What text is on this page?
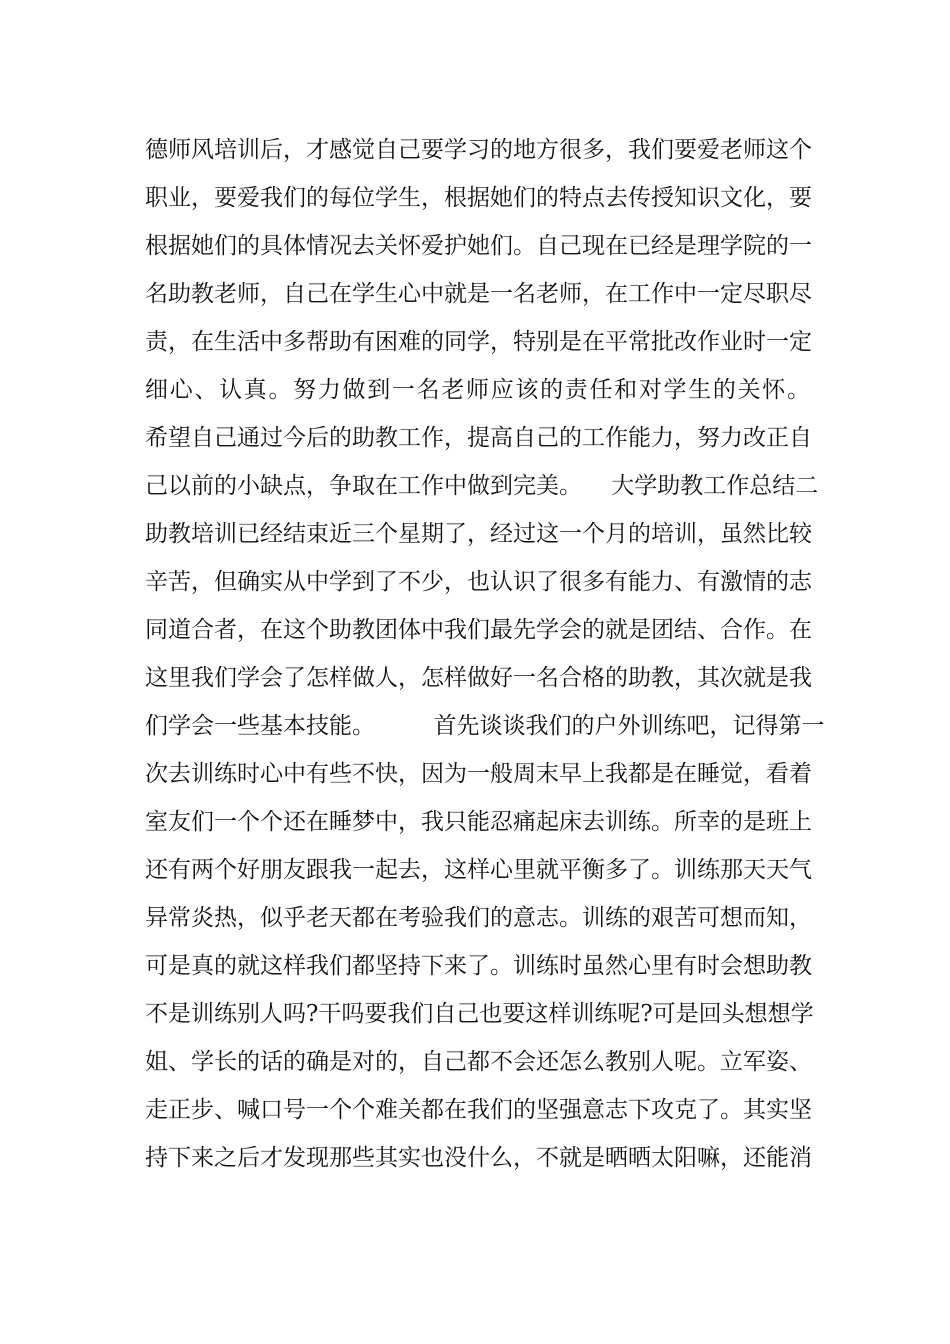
德师风培训后，才感觉自己要学习的地方很多，我们要爱老师这个
职业，要爱我们的每位学生，根据她们的特点去传授知识文化，要
根据她们的具体情况去关怀爱护她们。自己现在已经是理学院的一
名助教老师，自己在学生心中就是一名老师，在工作中一定尽职尽
责，在生活中多帮助有困难的同学，特别是在平常批改作业时一定
细心、认真。努力做到一名老师应该的责任和对学生的关怀。
希望自己通过今后的助教工作，提高自己的工作能力，努力改正自
己以前的小缺点，争取在工作中做到完美。    大学助教工作总结二
助教培训已经结束近三个星期了，经过这一个月的培训，虽然比较
辛苦，但确实从中学到了不少，也认识了很多有能力、有激情的志
同道合者，在这个助教团体中我们最先学会的就是团结、合作。在
这里我们学会了怎样做人，怎样做好一名合格的助教，其次就是我
们学会一些基本技能。        首先谈谈我们的户外训练吧，记得第一
次去训练时心中有些不快，因为一般周末早上我都是在睡觉，看着
室友们一个个还在睡梦中，我只能忍痛起床去训练。所幸的是班上
还有两个好朋友跟我一起去，这样心里就平衡多了。训练那天天气
异常炎热，似乎老天都在考验我们的意志。训练的艰苦可想而知，
可是真的就这样我们都坚持下来了。训练时虽然心里有时会想助教
不是训练别人吗?干吗要我们自己也要这样训练呢?可是回头想想学
姐、学长的话的确是对的，自己都不会还怎么教别人呢。立军姿、
走正步、喊口号一个个难关都在我们的坚强意志下攻克了。其实坚
持下来之后才发现那些其实也没什么，不就是晒晒太阳嘛，还能消
